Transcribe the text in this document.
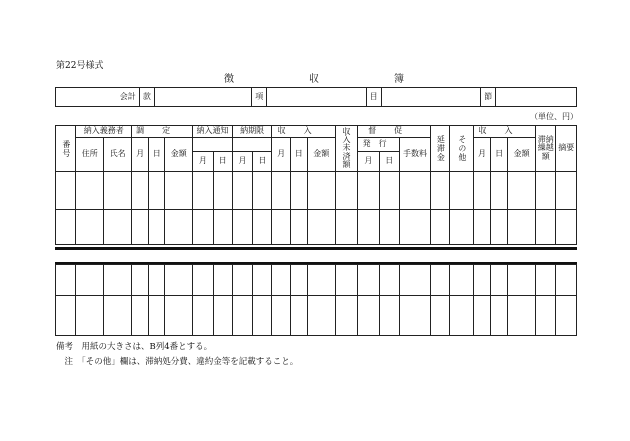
第22号様式
徴	収	簿
会計	款		項		目		節	
（単位、円）
番号	納入義務者		調定			納入通知		納期限		収入			収入未済額	督促			延滞金	その他	収入			滞納繰越額	摘要
	住所	氏名	月	日	金額					月	日	金額		発行		手数料			月	日	金額		
						月	日	月	日					月	日								

備考　用紙の大きさは、B列4番とする。
　注　「その他」欄は、滞納処分費、違約金等を記載すること。
